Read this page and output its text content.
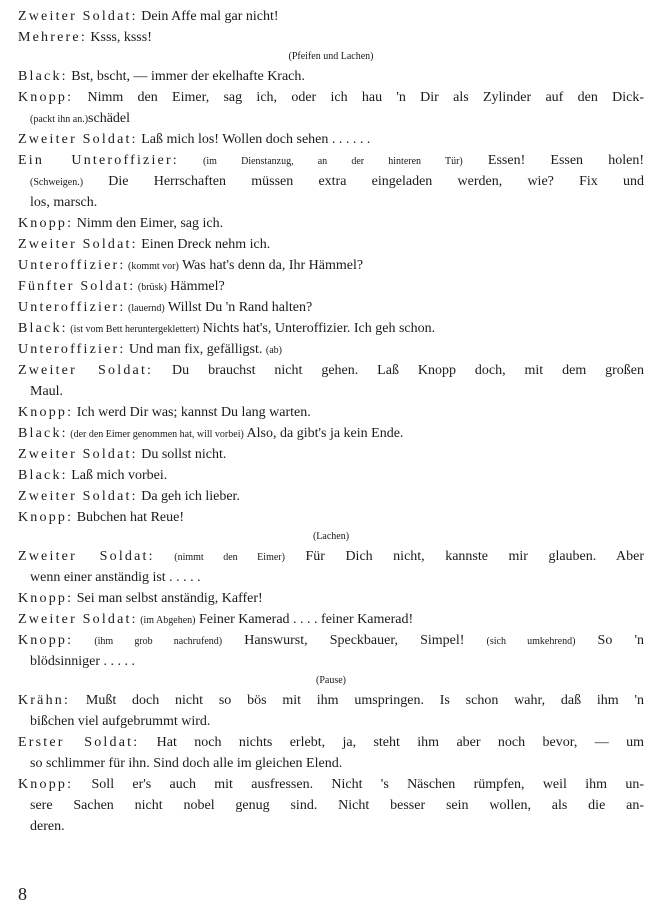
Zweiter Soldat: Dein Affe mal gar nicht!
Mehrere: Ksss, ksss!
(Pfeifen und Lachen)
Black: Bst, bscht, — immer der ekelhafte Krach.
Knopp: Nimm den Eimer, sag ich, oder ich hau 'n Dir als Zylinder auf den Dick-
(packt ihn an.)schädel
Zweiter Soldat: Laß mich los! Wollen doch sehen . . . . . .
Ein Unteroffizier: (im Dienstanzug, an der hinteren Tür) Essen! Essen holen!
(Schweigen.) Die Herrschaften müssen extra eingeladen werden, wie? Fix und
los, marsch.
Knopp: Nimm den Eimer, sag ich.
Zweiter Soldat: Einen Dreck nehm ich.
Unteroffizier: (kommt vor) Was hat's denn da, Ihr Hämmel?
Fünfter Soldat: (brüsk) Hämmel?
Unteroffizier: (lauernd) Willst Du 'n Rand halten?
Black: (ist vom Bett heruntergeklettert) Nichts hat's, Unteroffizier. Ich geh schon.
Unteroffizier: Und man fix, gefälligst. (ab)
Zweiter Soldat: Du brauchst nicht gehen. Laß Knopp doch, mit dem großen
Maul.
Knopp: Ich werd Dir was; kannst Du lang warten.
Black: (der den Eimer genommen hat, will vorbei) Also, da gibt's ja kein Ende.
Zweiter Soldat: Du sollst nicht.
Black: Laß mich vorbei.
Zweiter Soldat: Da geh ich lieber.
Knopp: Bubchen hat Reue!
(Lachen)
Zweiter Soldat: (nimmt den Eimer) Für Dich nicht, kannste mir glauben. Aber
wenn einer anständig ist . . . . .
Knopp: Sei man selbst anständig, Kaffer!
Zweiter Soldat: (im Abgehen) Feiner Kamerad . . . . feiner Kamerad!
Knopp: (ihm grob nachrufend) Hanswurst, Speckbauer, Simpel! (sich umkehrend) So 'n
blödsinniger . . . . .
(Pause)
Krähn: Mußt doch nicht so bös mit ihm umspringen. Is schon wahr, daß ihm 'n
bißchen viel aufgebrummt wird.
Erster Soldat: Hat noch nichts erlebt, ja, steht ihm aber noch bevor, — um
so schlimmer für ihn. Sind doch alle im gleichen Elend.
Knopp: Soll er's auch mit ausfressen. Nicht 's Näschen rümpfen, weil ihm un-
sere Sachen nicht nobel genug sind. Nicht besser sein wollen, als die an-
deren.
8
